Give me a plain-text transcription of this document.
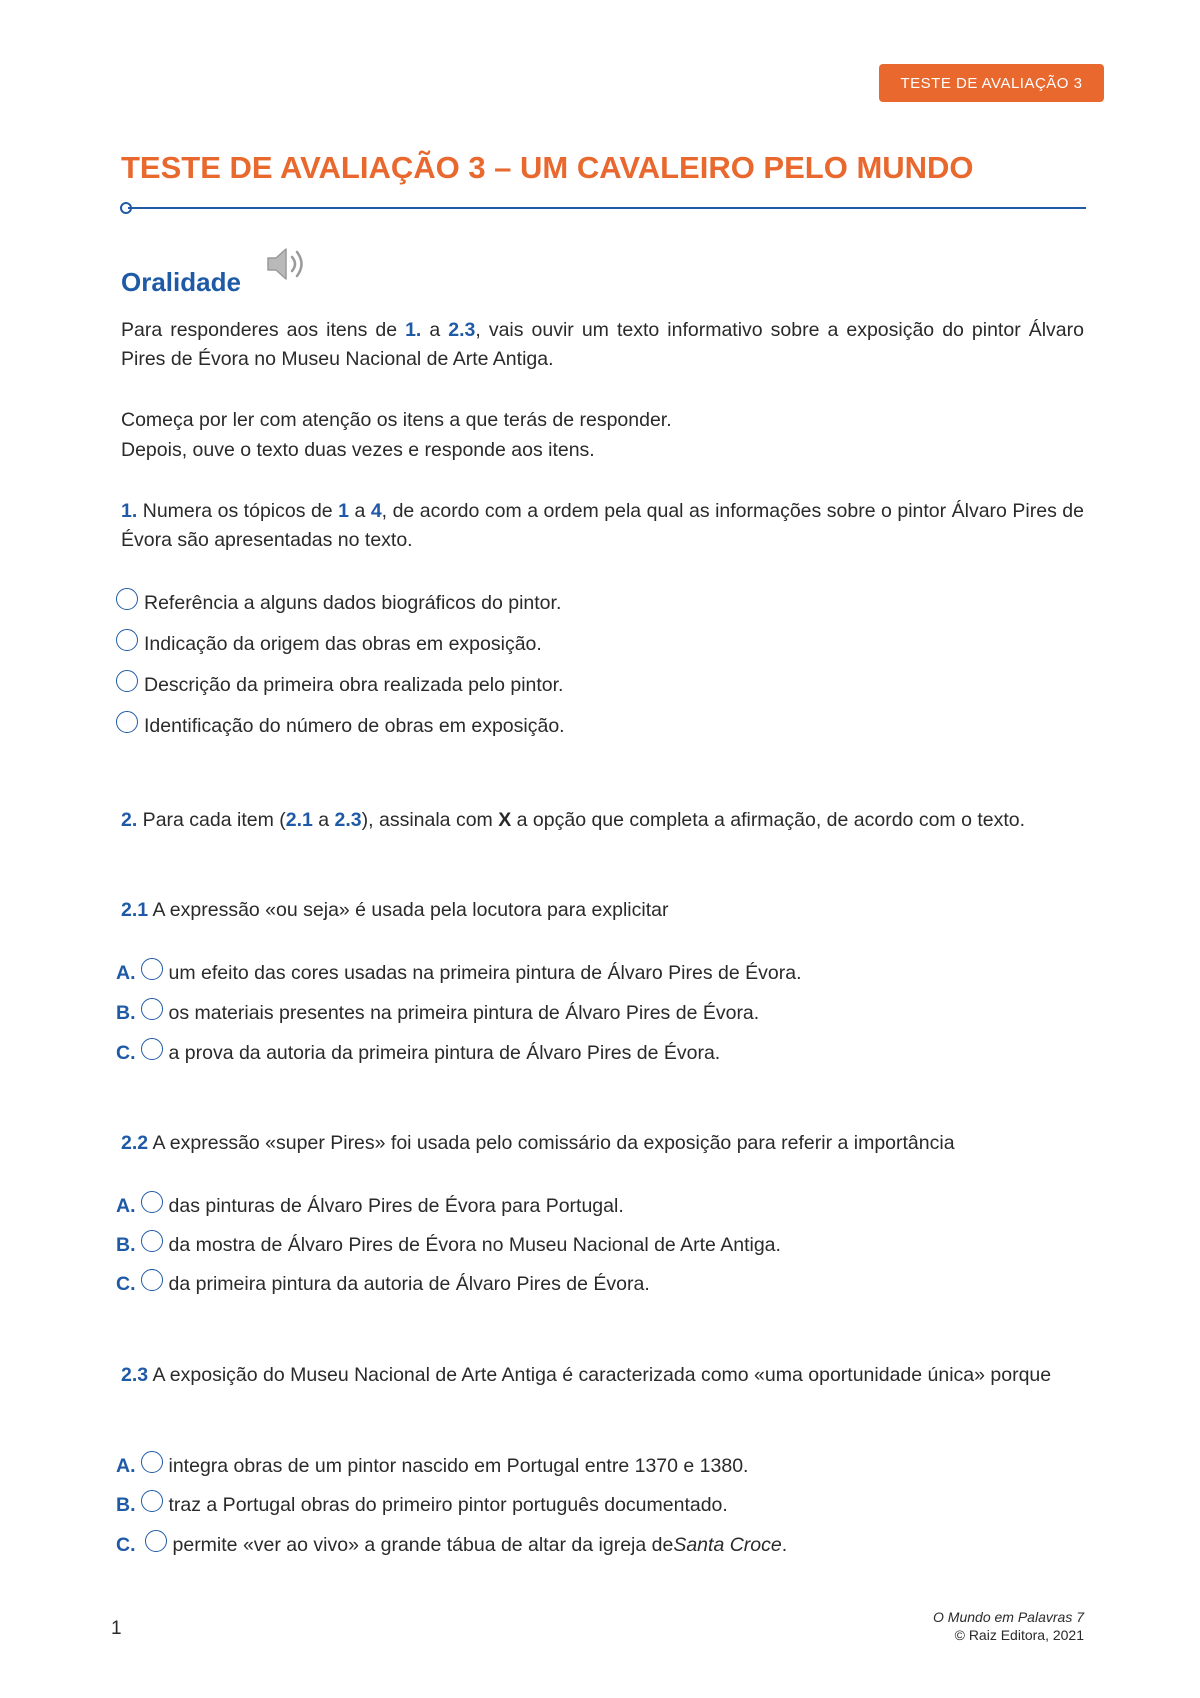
TESTE DE AVALIAÇÃO 3
TESTE DE AVALIAÇÃO 3 – UM CAVALEIRO PELO MUNDO
Oralidade
Para responderes aos itens de 1. a 2.3, vais ouvir um texto informativo sobre a exposição do pintor Álvaro Pires de Évora no Museu Nacional de Arte Antiga.
Começa por ler com atenção os itens a que terás de responder.
Depois, ouve o texto duas vezes e responde aos itens.
1. Numera os tópicos de 1 a 4, de acordo com a ordem pela qual as informações sobre o pintor Álvaro Pires de Évora são apresentadas no texto.
Referência a alguns dados biográficos do pintor.
Indicação da origem das obras em exposição.
Descrição da primeira obra realizada pelo pintor.
Identificação do número de obras em exposição.
2. Para cada item (2.1 a 2.3), assinala com X a opção que completa a afirmação, de acordo com o texto.
2.1 A expressão «ou seja» é usada pela locutora para explicitar
A. um efeito das cores usadas na primeira pintura de Álvaro Pires de Évora.
B. os materiais presentes na primeira pintura de Álvaro Pires de Évora.
C. a prova da autoria da primeira pintura de Álvaro Pires de Évora.
2.2 A expressão «super Pires» foi usada pelo comissário da exposição para referir a importância
A. das pinturas de Álvaro Pires de Évora para Portugal.
B. da mostra de Álvaro Pires de Évora no Museu Nacional de Arte Antiga.
C. da primeira pintura da autoria de Álvaro Pires de Évora.
2.3 A exposição do Museu Nacional de Arte Antiga é caracterizada como «uma oportunidade única» porque
A. integra obras de um pintor nascido em Portugal entre 1370 e 1380.
B. traz a Portugal obras do primeiro pintor português documentado.
C. permite «ver ao vivo» a grande tábua de altar da igreja de Santa Croce .
1
O Mundo em Palavras 7
© Raiz Editora, 2021
